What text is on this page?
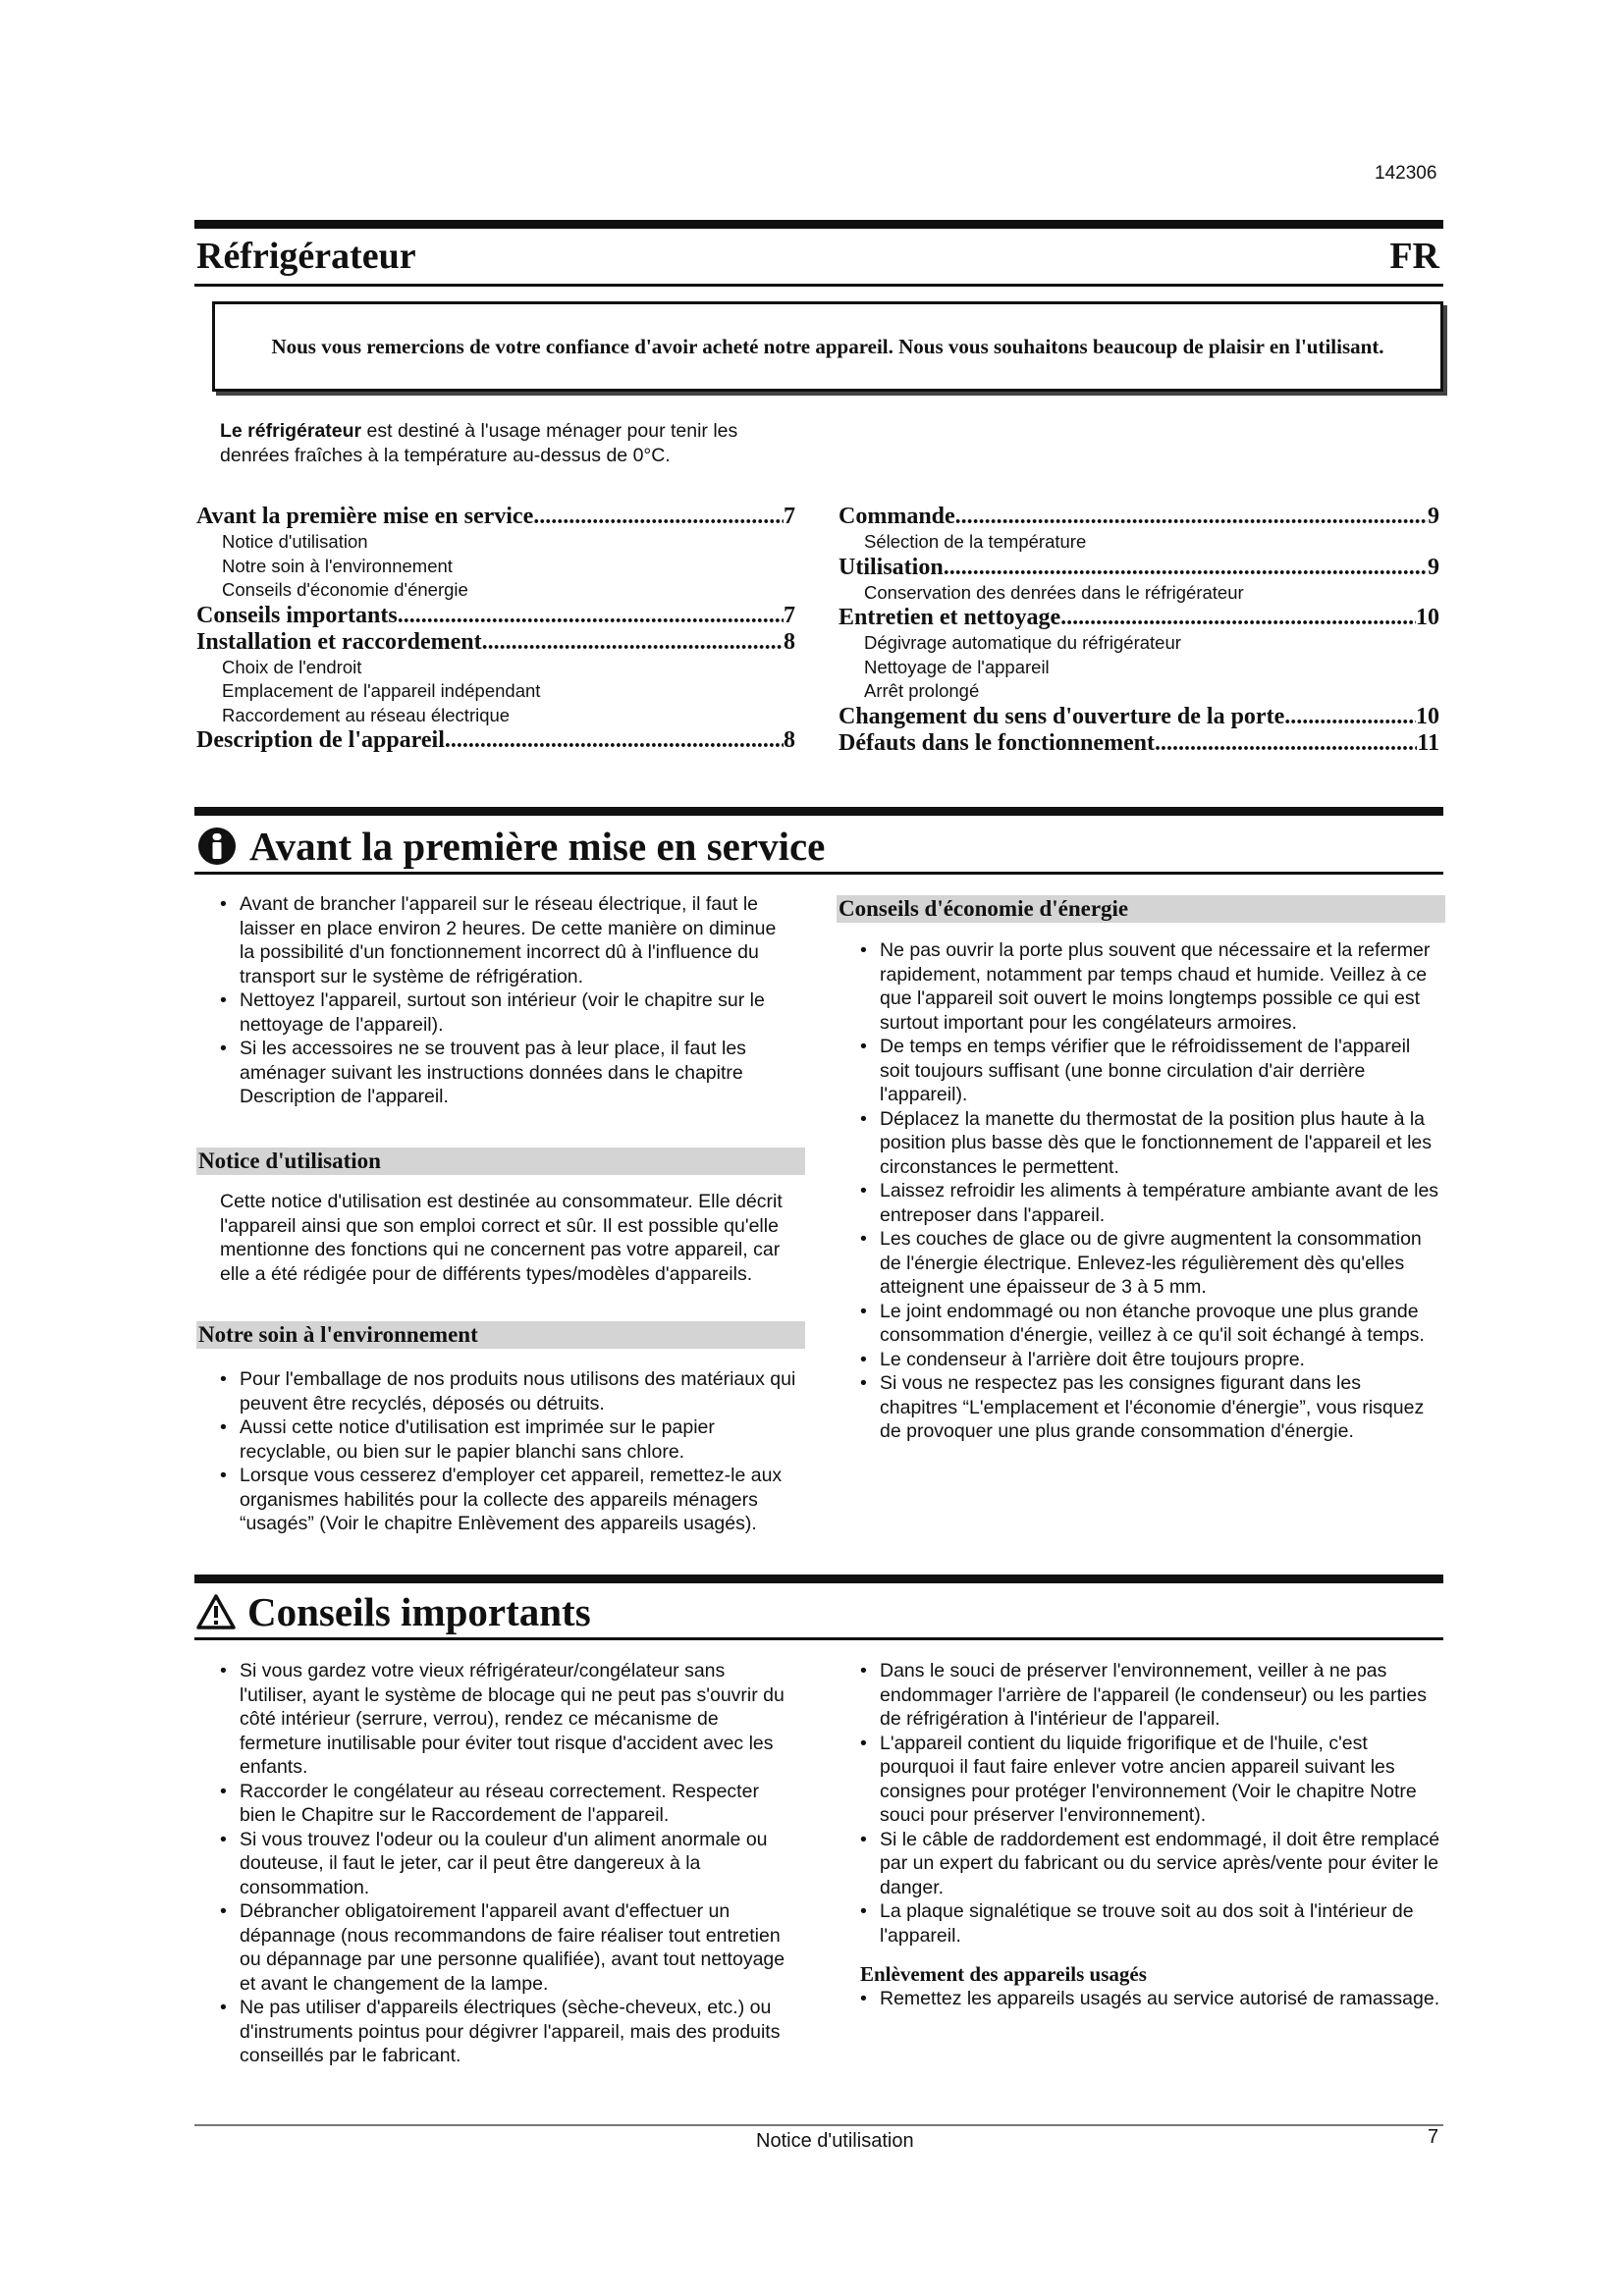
142306
Réfrigérateur	FR
Nous vous remercions de votre confiance d'avoir acheté notre appareil. Nous vous souhaitons beaucoup de plaisir en l'utilisant.
Le réfrigérateur est destiné à l'usage ménager pour tenir les denrées fraîches à la température au-dessus de 0°C.
Avant la première mise en service .....	7
Notice d'utilisation
Notre soin à l'environnement
Conseils d'économie d'énergie
Conseils importants .....	7
Installation et raccordement .....	8
Choix de l'endroit
Emplacement de l'appareil indépendant
Raccordement au réseau électrique
Description de l'appareil .....	8
Commande .....	9
Sélection de la température
Utilisation .....	9
Conservation des denrées dans le réfrigérateur
Entretien et nettoyage .....	10
Dégivrage automatique du réfrigérateur
Nettoyage de l'appareil
Arrêt prolongé
Changement du sens d'ouverture de la porte .....	10
Défauts dans le fonctionnement .....	11
Avant la première mise en service
• Avant de brancher l'appareil sur le réseau électrique, il faut le laisser en place environ 2 heures. De cette manière on diminue la possibilité d'un fonctionnement incorrect dû à l'influence du transport sur le système de réfrigération.
• Nettoyez l'appareil, surtout son intérieur (voir le chapitre sur le nettoyage de l'appareil).
• Si les accessoires ne se trouvent pas à leur place, il faut les aménager suivant les instructions données dans le chapitre Description de l'appareil.
Notice d'utilisation
Cette notice d'utilisation est destinée au consommateur. Elle décrit l'appareil ainsi que son emploi correct et sûr. Il est possible qu'elle mentionne des fonctions qui ne concernent pas votre appareil, car elle a été rédigée pour de différents types/modèles d'appareils.
Notre soin à l'environnement
• Pour l'emballage de nos produits nous utilisons des matériaux qui peuvent être recyclés, déposés ou détruits.
• Aussi cette notice d'utilisation est imprimée sur le papier recyclable, ou bien sur le papier blanchi sans chlore.
• Lorsque vous cesserez d'employer cet appareil, remettez-le aux organismes habilités pour la collecte des appareils ménagers “usagés” (Voir le chapitre Enlèvement des appareils usagés).
Conseils d'économie d'énergie
• Ne pas ouvrir la porte plus souvent que nécessaire et la refermer rapidement, notamment par temps chaud et humide. Veillez à ce que l'appareil soit ouvert le moins longtemps possible ce qui est surtout important pour les congélateurs armoires.
• De temps en temps vérifier que le réfroidissement de l'appareil soit toujours suffisant (une bonne circulation d'air derrière l'appareil).
• Déplacez la manette du thermostat de la position plus haute à la position plus basse dès que le fonctionnement de l'appareil et les circonstances le permettent.
• Laissez refroidir les aliments à température ambiante avant de les entreposer dans l'appareil.
• Les couches de glace ou de givre augmentent la consommation de l'énergie électrique. Enlevez-les régulièrement dès qu'elles atteignent une épaisseur de 3 à 5 mm.
• Le joint endommagé ou non étanche provoque une plus grande consommation d'énergie, veillez à ce qu'il soit échangé à temps.
• Le condenseur à l'arrière doit être toujours propre.
• Si vous ne respectez pas les consignes figurant dans les chapitres “L'emplacement et l'économie d'énergie”, vous risquez de provoquer une plus grande consommation d'énergie.
Conseils importants
• Si vous gardez votre vieux réfrigérateur/congélateur sans l'utiliser, ayant le système de blocage qui ne peut pas s'ouvrir du côté intérieur (serrure, verrou), rendez ce mécanisme de fermeture inutilisable pour éviter tout risque d'accident avec les enfants.
• Raccorder le congélateur au réseau correctement. Respecter bien le Chapitre sur le Raccordement de l'appareil.
• Si vous trouvez l'odeur ou la couleur d'un aliment anormale ou douteuse, il faut le jeter, car il peut être dangereux à la consommation.
• Débrancher obligatoirement l'appareil avant d'effectuer un dépannage (nous recommandons de faire réaliser tout entretien ou dépannage par une personne qualifiée), avant tout nettoyage et avant le changement de la lampe.
• Ne pas utiliser d'appareils électriques (sèche-cheveux, etc.) ou d'instruments pointus pour dégivrer l'appareil, mais des produits conseillés par le fabricant.
• Dans le souci de préserver l'environnement, veiller à ne pas endommager l'arrière de l'appareil (le condenseur) ou les parties de réfrigération à l'intérieur de l'appareil.
• L'appareil contient du liquide frigorifique et de l'huile, c'est pourquoi il faut faire enlever votre ancien appareil suivant les consignes pour protéger l'environnement (Voir le chapitre Notre souci pour préserver l'environnement).
• Si le câble de raddordement est endommagé, il doit être remplacé par un expert du fabricant ou du service après/vente pour éviter le danger.
• La plaque signalétique se trouve soit au dos soit à l'intérieur de l'appareil.
Enlèvement des appareils usagés
• Remettez les appareils usagés au service autorisé de ramassage.
Notice d'utilisation	7
